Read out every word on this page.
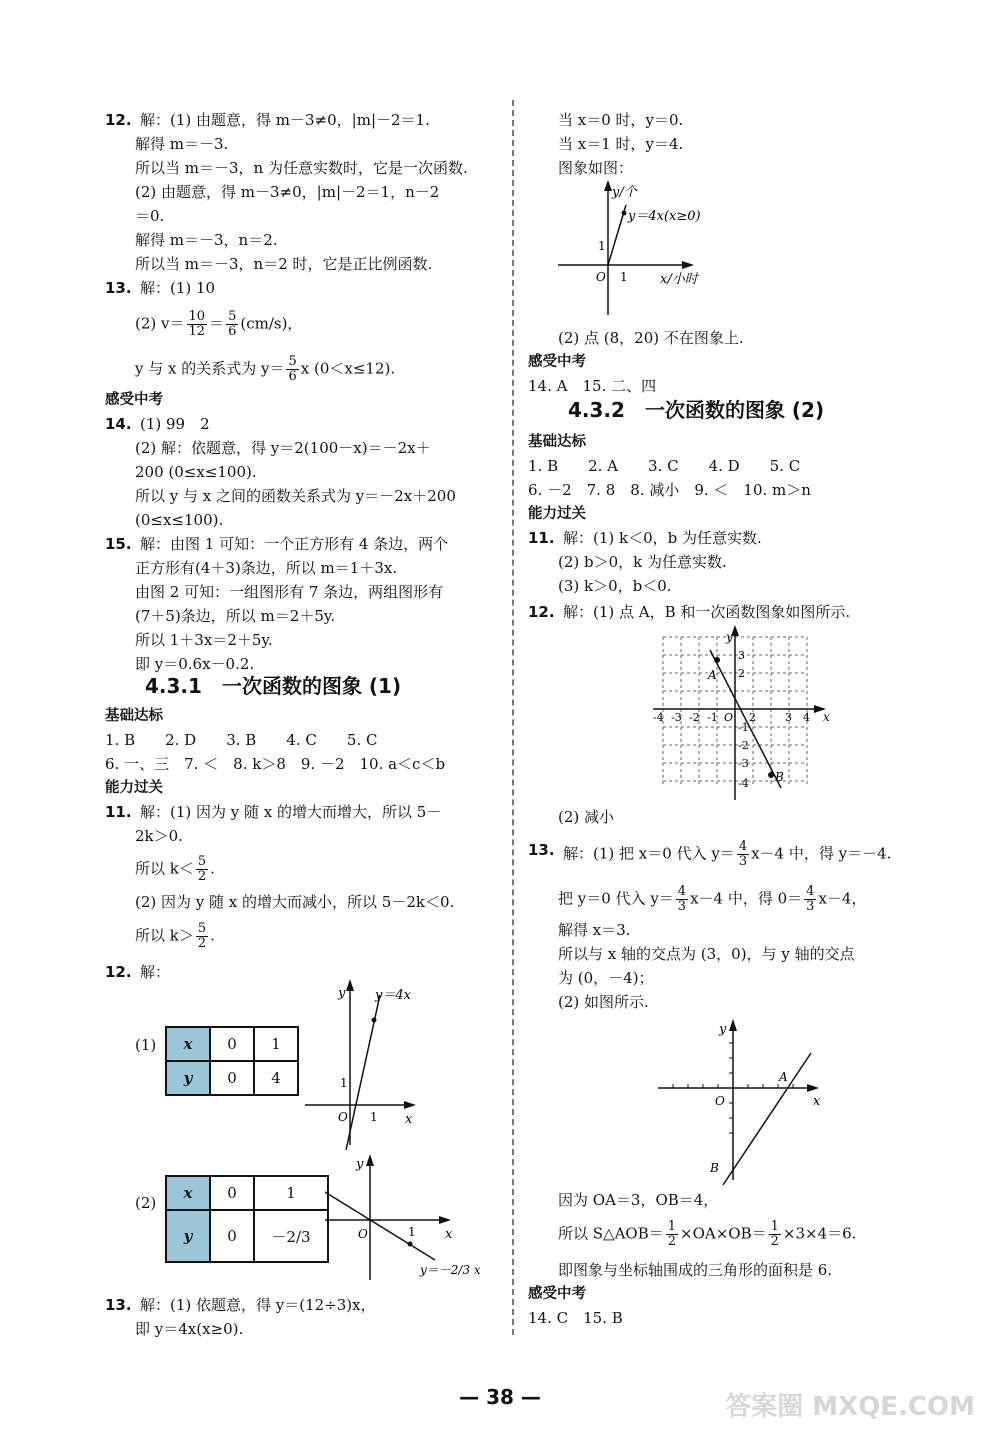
12. 解：(1) 由题意，得 m－3≠0，|m|－2＝1.
解得 m＝－3.
所以当 m＝－3，n 为任意实数时，它是一次函数.
(2) 由题意，得 m－3≠0，|m|－2＝1，n－2
＝0.
解得 m＝－3，n＝2.
所以当 m＝－3，n＝2 时，它是正比例函数.
13. 解：(1) 10
(2) $v= \frac{10}{12} = \frac{5}{6} (cm/s)$，
y 与 x 的关系式为 $y= \frac{5}{6}$ x (0＜x≤12).
感受中考
14. (1) 99　2
(2) 解：依题意，得 y＝2(100－x)＝－2x＋
200 (0≤x≤100).
所以 y 与 x 之间的函数关系式为 y＝－2x＋200
(0≤x≤100).
15. 解：由图 1 可知：一个正方形有 4 条边，两个
正方形有(4＋3)条边，所以 m＝1＋3x.
由图 2 可知：一组图形有 7 条边，两组图形有
(7＋5)条边，所以 m＝2＋5y.
所以 1＋3x＝2＋5y.
即 y＝0.6x－0.2.
4.3.1　一次函数的图象 (1)
基础达标
1. B　　2. D　　3. B　　4. C　　5. C
6. 一、三　7. ＜　8. k＞8　9. －2　10. a＜c＜b
能力过关
11. 解：(1) 因为 y 随 x 的增大而增大，所以 5－
2k＞0.
所以 $k< \frac{5}{2}$ .
(2) 因为 y 随 x 的增大而减小，所以 5－2k＜0.
所以 $k> \frac{5}{2}$ .
12. 解：
(1) x	0	1
y	0	4
y y＝4x
1
O 1 x
(2)
x	0	1
y	0	－2/3
y
O	1 x
y＝－2/3 x
13. 解：(1) 依题意，得 y＝(12÷3)x，
即 y＝4x(x≥0).
当 x＝0 时，y＝0.
当 x＝1 时，y＝4.
图象如图：
y/个
y＝4x(x≥0)
1
O 1 x/小时
(2) 点 (8，20) 不在图象上.
感受中考
14. A　15. 二、四
4.3.2　一次函数的图象 (2)
基础达标
1. B　　2. A　　3. C　　4. D　　5. C
6. －2　7. 8　8. 减小　9. ＜　10. m＞n
能力过关
11. 解：(1) k＜0，b 为任意实数.
(2) b＞0，k 为任意实数.
(3) k＞0，b＜0.
12. 解：(1) 点 A，B 和一次函数图象如图所示.
A
B
y
x
-4 -3 -2 -1 O 2	3 4
3
2
-1
-2
-3
-4
(2) 减小
13. 解：(1) 把 x＝0 代入 $y= \frac{4}{3} x-4$ 中，得 y＝－4.
把 y＝0 代入 $y= \frac{4}{3} x-4$ 中，得 $0= \frac{4}{3} x-4$，
解得 x＝3.
所以与 x 轴的交点为 (3，0)，与 y 轴的交点
为 (0，－4)；
(2) 如图所示.
y
O
A
x
B
因为 OA＝3，OB＝4，
所以 S△AOB＝ $\frac{1}{2} \times OA\times OB= \frac{1}{2} \times 3\times 4=6$.
即图象与坐标轴围成的三角形的面积是 6.
感受中考
14. C　15. B
— 38 —	答案圈 MXQE.COM
